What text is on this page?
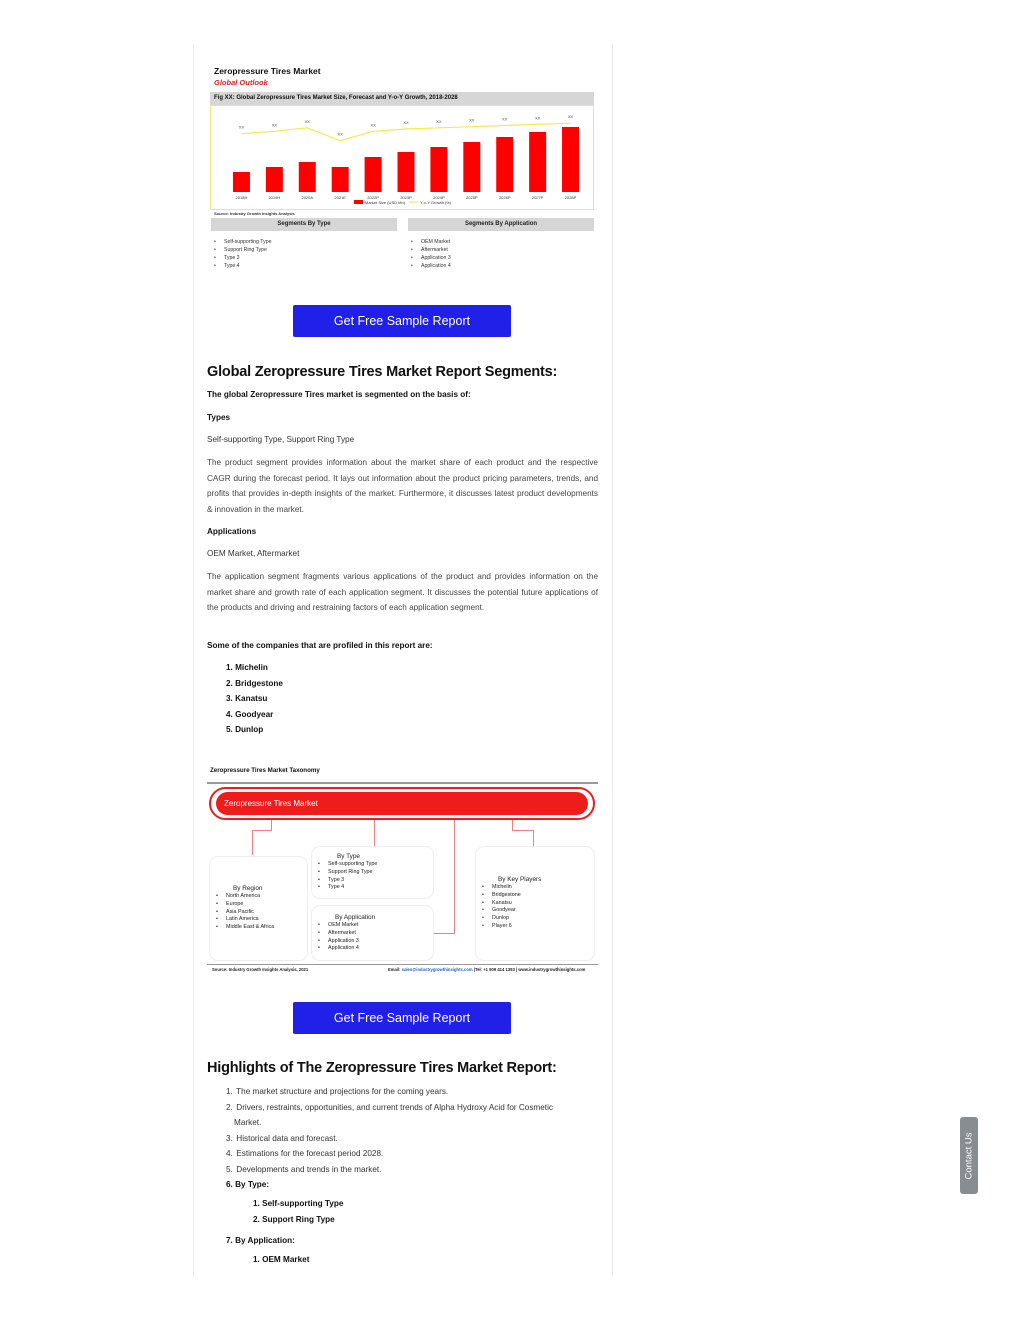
Zeropressure Tires Market
Global Outlook
Fig XX: Global Zeropressure Tires Market Size, Forecast and Y-o-Y Growth, 2018-2028
2018H	2019H	2020A	2021E	2022P	2023P	2024P	2025P	2026P	2027P	2028P
XX	XX
XX
XX
XX	XX	XX	XX	XX	XX	XX
Market Size (USD Mn)	Y-o-Y Growth (%)
Source: Industry Growth Insights Analysis
Segments By Type	Segments By Application
• Self-supporting Type
• Support Ring Type
• Type 3
• Type 4
• OEM Market
• Aftermarket
• Application 3
• Application 4
Get Free Sample Report
Global Zeropressure Tires Market Report Segments:
The global Zeropressure Tires market is segmented on the basis of:
Types
Self-supporting Type, Support Ring Type

The product segment provides information about the market share of each product and the respective CAGR during the forecast period. It lays out information about the product pricing parameters, trends, and profits that provides in-depth insights of the market. Furthermore, it discusses latest product developments & innovation in the market.

Applications
OEM Market, Aftermarket

The application segment fragments various applications of the product and provides information on the market share and growth rate of each application segment. It discusses the potential future applications of the products and driving and restraining factors of each application segment.

Some of the companies that are profiled in this report are:
1. Michelin
2. Bridgestone
3. Kanatsu
4. Goodyear
5. Dunlop
Zeropressure Tires Market Taxonomy
Zeropressure Tires Market
By Type
• Self-supporting Type
• Support Ring Type
• Type 3
• Type 4
By Region
• North America
• Europe
• Asia Pacific
• Latin America
• Middle East & Africa
By Application
• OEM Market
• Aftermarket
• Application 3
• Application 4
By Key Players
• Michelin
• Bridgestone
• Kanatsu
• Goodyear
• Dunlop
• Player 6
Source: Industry Growth Insights Analysis, 2021	Email: sales@industrygrowthinsights.com |Tel: +1 909 414 1393 | www.industrygrowthinsights.com
Get Free Sample Report
Highlights of The Zeropressure Tires Market Report:
1. The market structure and projections for the coming years.
2. Drivers, restraints, opportunities, and current trends of Alpha Hydroxy Acid for Cosmetic
Market.
3. Historical data and forecast.
4. Estimations for the forecast period 2028.
5. Developments and trends in the market.
6. By Type:
1. Self-supporting Type
2. Support Ring Type
7. By Application:
1. OEM Market
Contact Us
